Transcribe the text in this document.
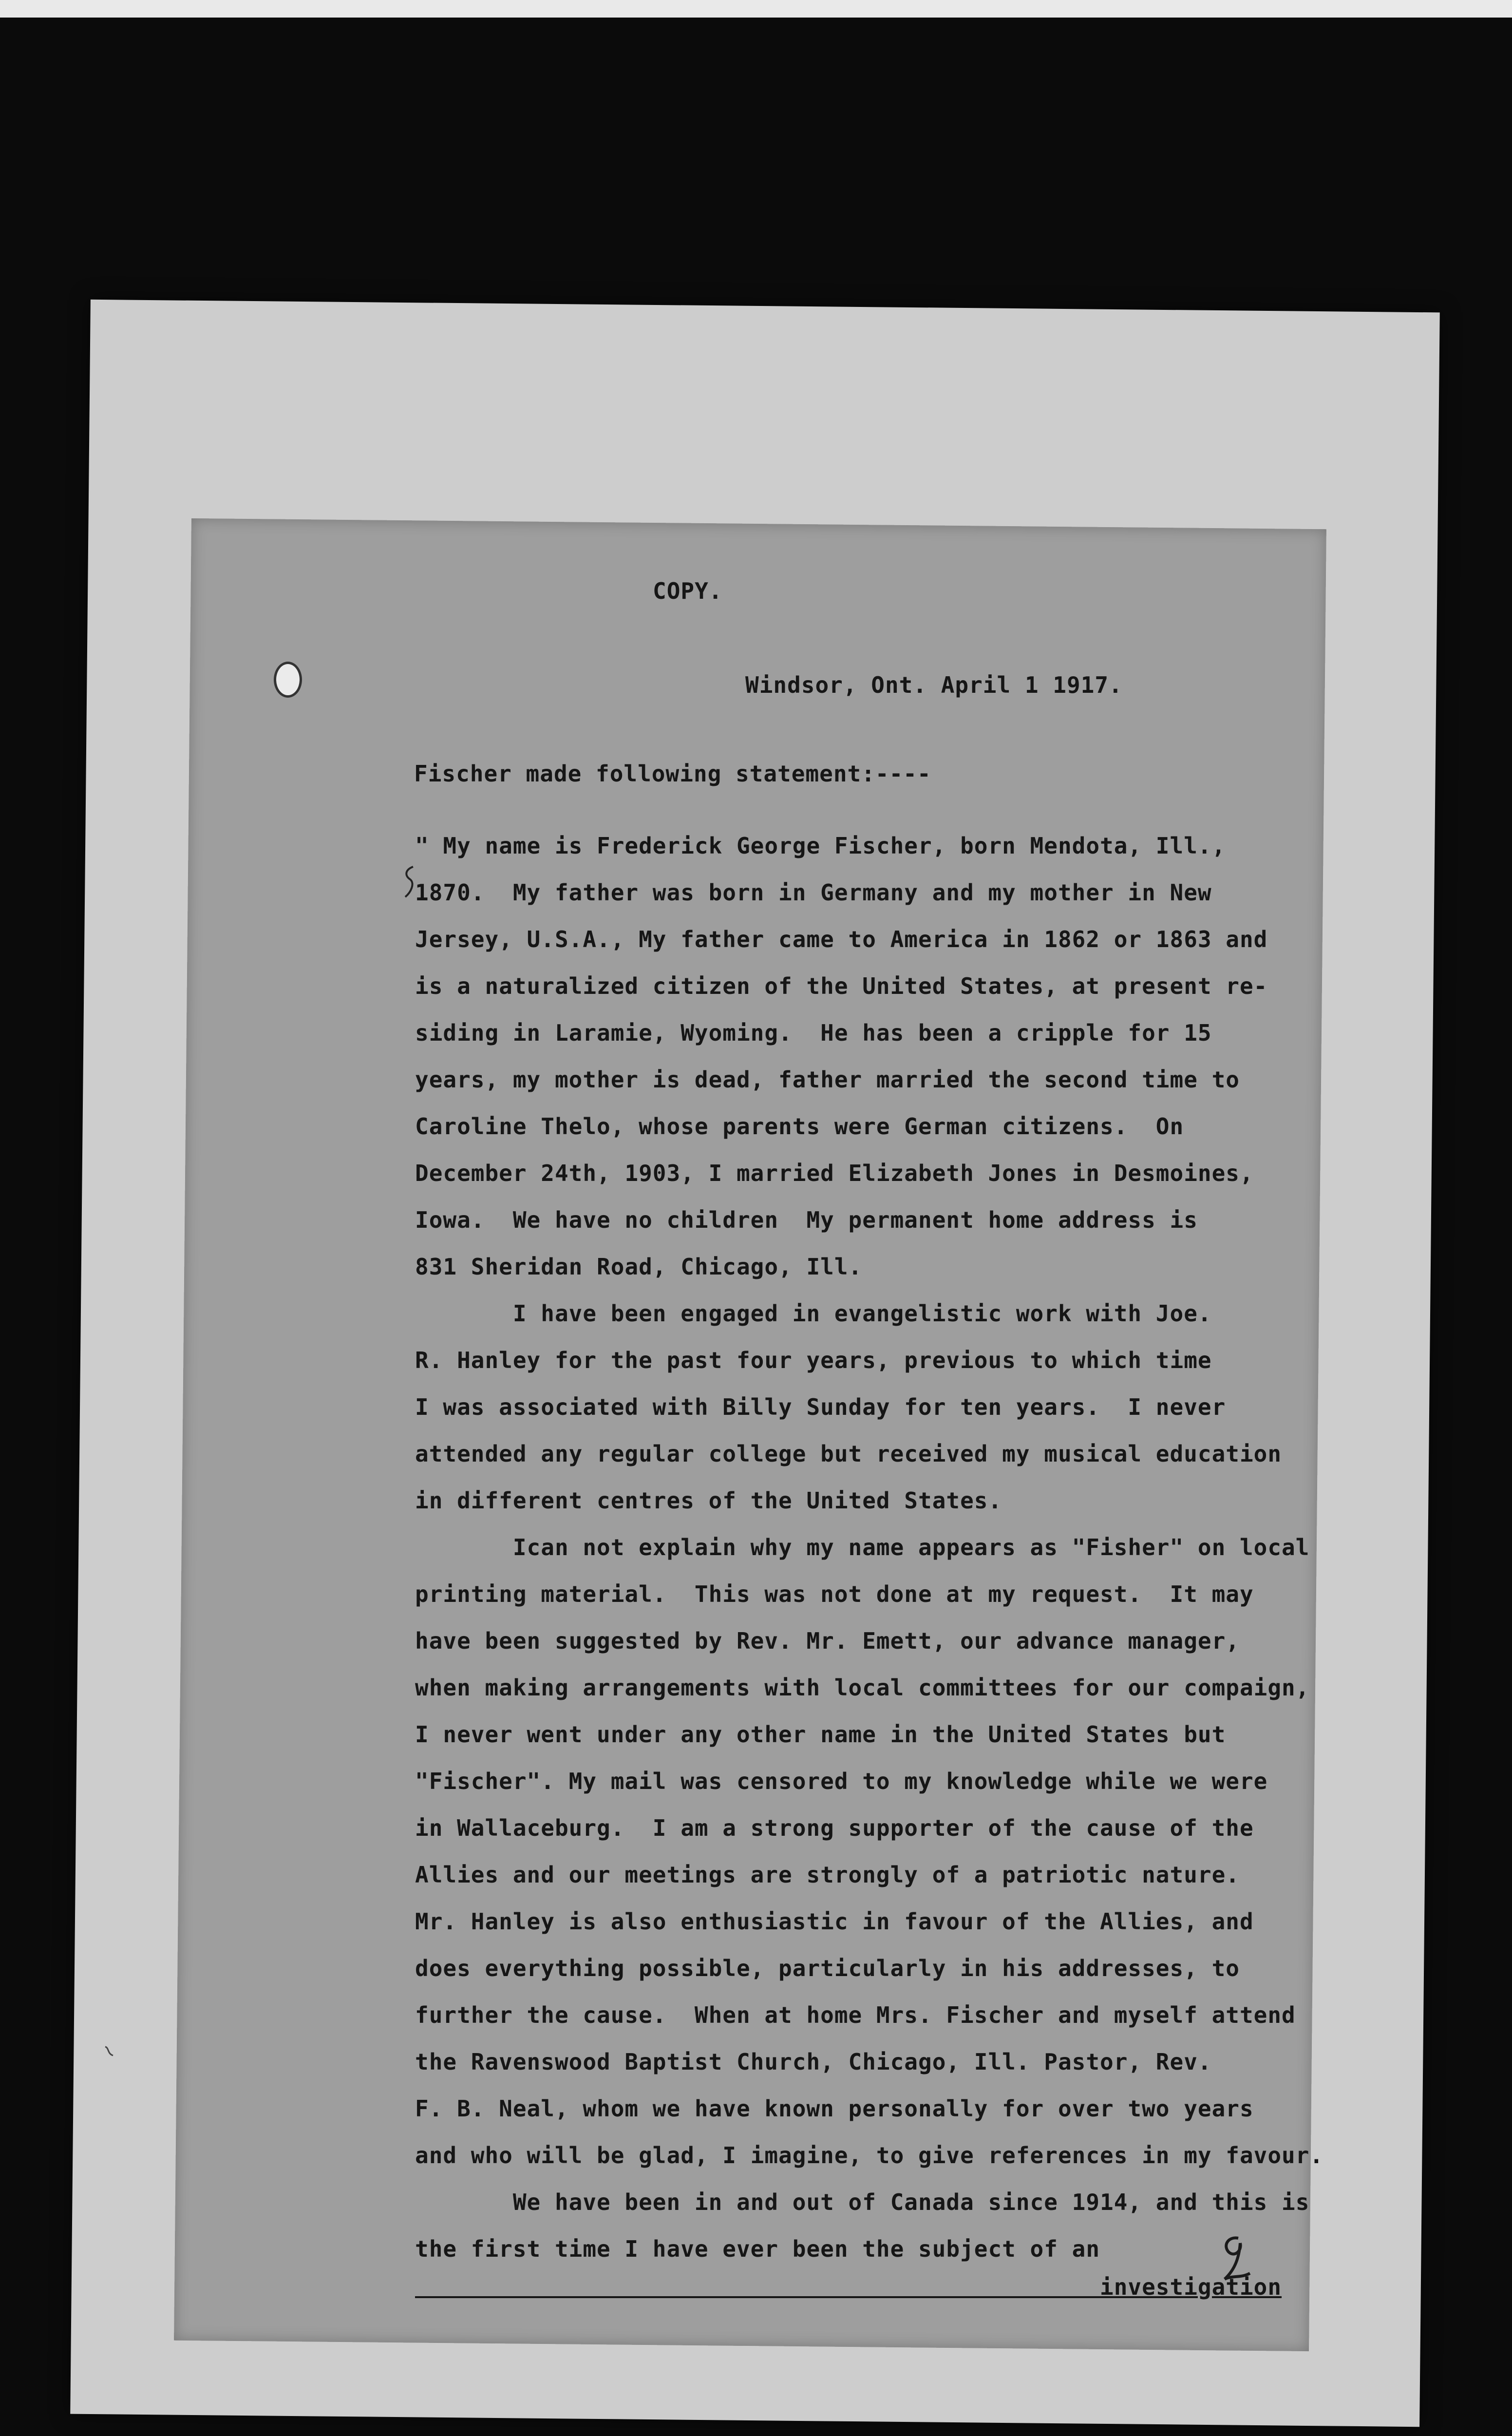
COPY.
Windsor, Ont. April 1 1917.
Fischer made following statement:----
" My name is Frederick George Fischer, born Mendota, Ill.,
1870.  My father was born in Germany and my mother in New
Jersey, U.S.A., My father came to America in 1862 or 1863 and
is a naturalized citizen of the United States, at present re-
siding in Laramie, Wyoming.  He has been a cripple for 15
years, my mother is dead, father married the second time to
Caroline Thelo, whose parents were German citizens.  On
December 24th, 1903, I married Elizabeth Jones in Desmoines,
Iowa.  We have no children  My permanent home address is
831 Sheridan Road, Chicago, Ill.
I have been engaged in evangelistic work with Joe.
R. Hanley for the past four years, previous to which time
I was associated with Billy Sunday for ten years.  I never
attended any regular college but received my musical education
in different centres of the United States.
Ican not explain why my name appears as "Fisher" on local
printing material.  This was not done at my request.  It may
have been suggested by Rev. Mr. Emett, our advance manager,
when making arrangements with local committees for our compaign,
I never went under any other name in the United States but
"Fischer". My mail was censored to my knowledge while we were
in Wallaceburg.  I am a strong supporter of the cause of the
Allies and our meetings are strongly of a patriotic nature.
Mr. Hanley is also enthusiastic in favour of the Allies, and
does everything possible, particularly in his addresses, to
further the cause.  When at home Mrs. Fischer and myself attend
the Ravenswood Baptist Church, Chicago, Ill. Pastor, Rev.
F. B. Neal, whom we have known personally for over two years
and who will be glad, I imagine, to give references in my favour.
We have been in and out of Canada since 1914, and this is
the first time I have ever been the subject of an
investigation
